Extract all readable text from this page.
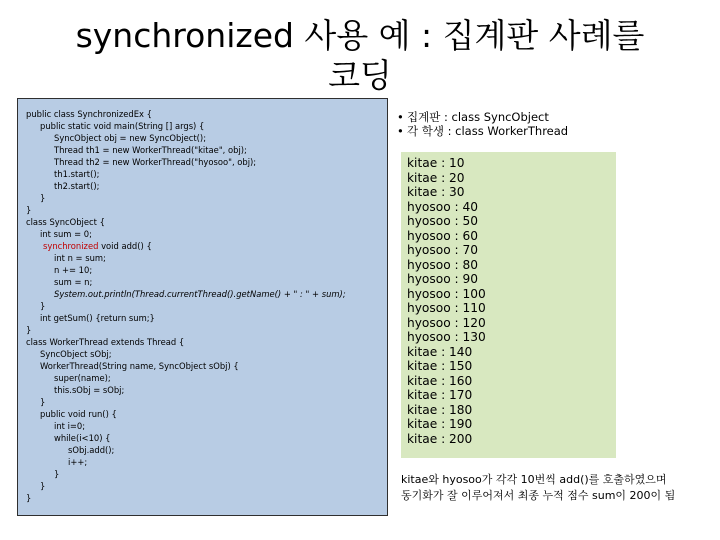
synchronized 사용 예 : 집계판 사례를
코딩
public class SynchronizedEx {
public static void main(String [] args) {
SyncObject obj = new SyncObject();
Thread th1 = new WorkerThread("kitae", obj);
Thread th2 = new WorkerThread("hyosoo", obj);
th1.start();
th2.start();
}
}
class SyncObject {
int sum = 0;
synchronized void add() {
int n = sum;
n += 10;
sum = n;
System.out.println(Thread.currentThread().getName() + " : " + sum);
}
int getSum() {return sum;}
}
class WorkerThread extends Thread {
SyncObject sObj;
WorkerThread(String name, SyncObject sObj) {
super(name);
this.sObj = sObj;
}
public void run() {
int i=0;
while(i<10) {
sObj.add();
i++;
}
}
}
• 집계판 : class SyncObject
• 각 학생 : class WorkerThread
kitae : 10
kitae : 20
kitae : 30
hyosoo : 40
hyosoo : 50
hyosoo : 60
hyosoo : 70
hyosoo : 80
hyosoo : 90
hyosoo : 100
hyosoo : 110
hyosoo : 120
hyosoo : 130
kitae : 140
kitae : 150
kitae : 160
kitae : 170
kitae : 180
kitae : 190
kitae : 200
kitae와 hyosoo가 각각 10번씩 add()를 호출하였으며
동기화가 잘 이루어져서 최종 누적 점수 sum이 200이 됨
